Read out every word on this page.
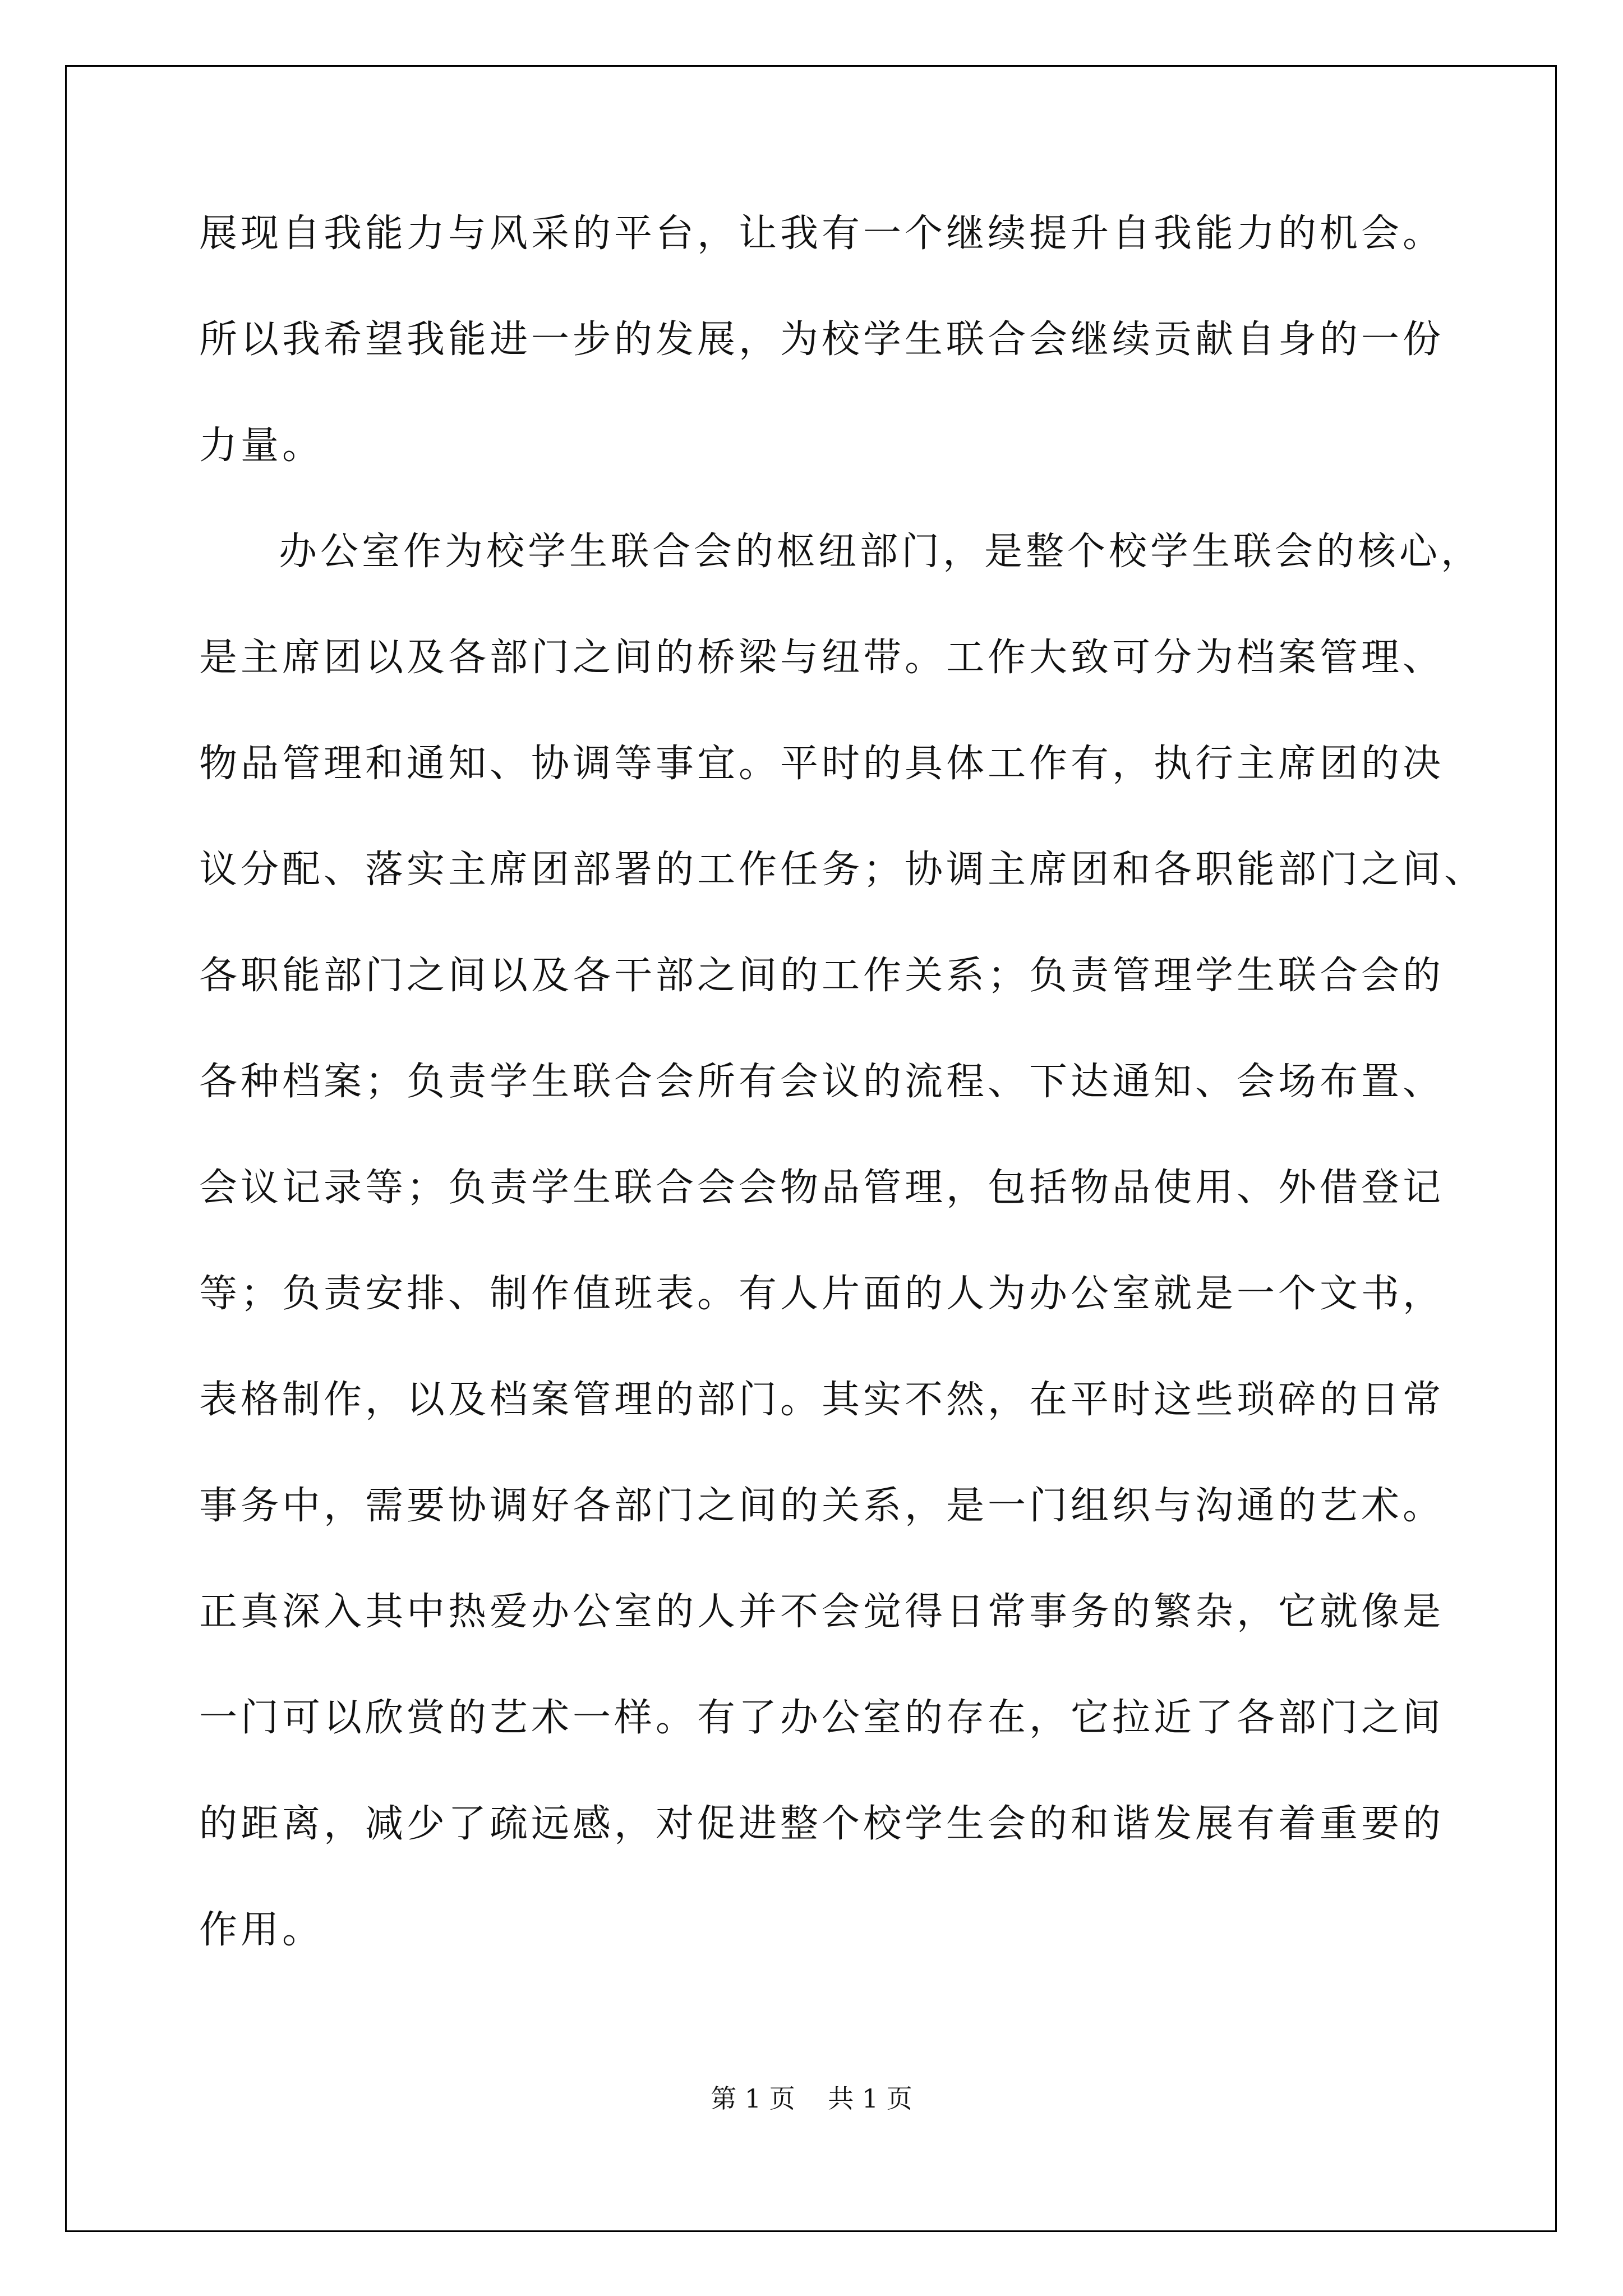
展现自我能力与风采的平台，让我有一个继续提升自我能力的机会。
所以我希望我能进一步的发展，为校学生联合会继续贡献自身的一份
力量。
办公室作为校学生联合会的枢纽部门，是整个校学生联会的核心，
是主席团以及各部门之间的桥梁与纽带。工作大致可分为档案管理、
物品管理和通知、协调等事宜。平时的具体工作有，执行主席团的决
议分配、落实主席团部署的工作任务；协调主席团和各职能部门之间、
各职能部门之间以及各干部之间的工作关系；负责管理学生联合会的
各种档案；负责学生联合会所有会议的流程、下达通知、会场布置、
会议记录等；负责学生联合会会物品管理，包括物品使用、外借登记
等；负责安排、制作值班表。有人片面的人为办公室就是一个文书，
表格制作，以及档案管理的部门。其实不然，在平时这些琐碎的日常
事务中，需要协调好各部门之间的关系，是一门组织与沟通的艺术。
正真深入其中热爱办公室的人并不会觉得日常事务的繁杂，它就像是
一门可以欣赏的艺术一样。有了办公室的存在，它拉近了各部门之间
的距离，减少了疏远感，对促进整个校学生会的和谐发展有着重要的
作用。
第 1 页    共 1 页
